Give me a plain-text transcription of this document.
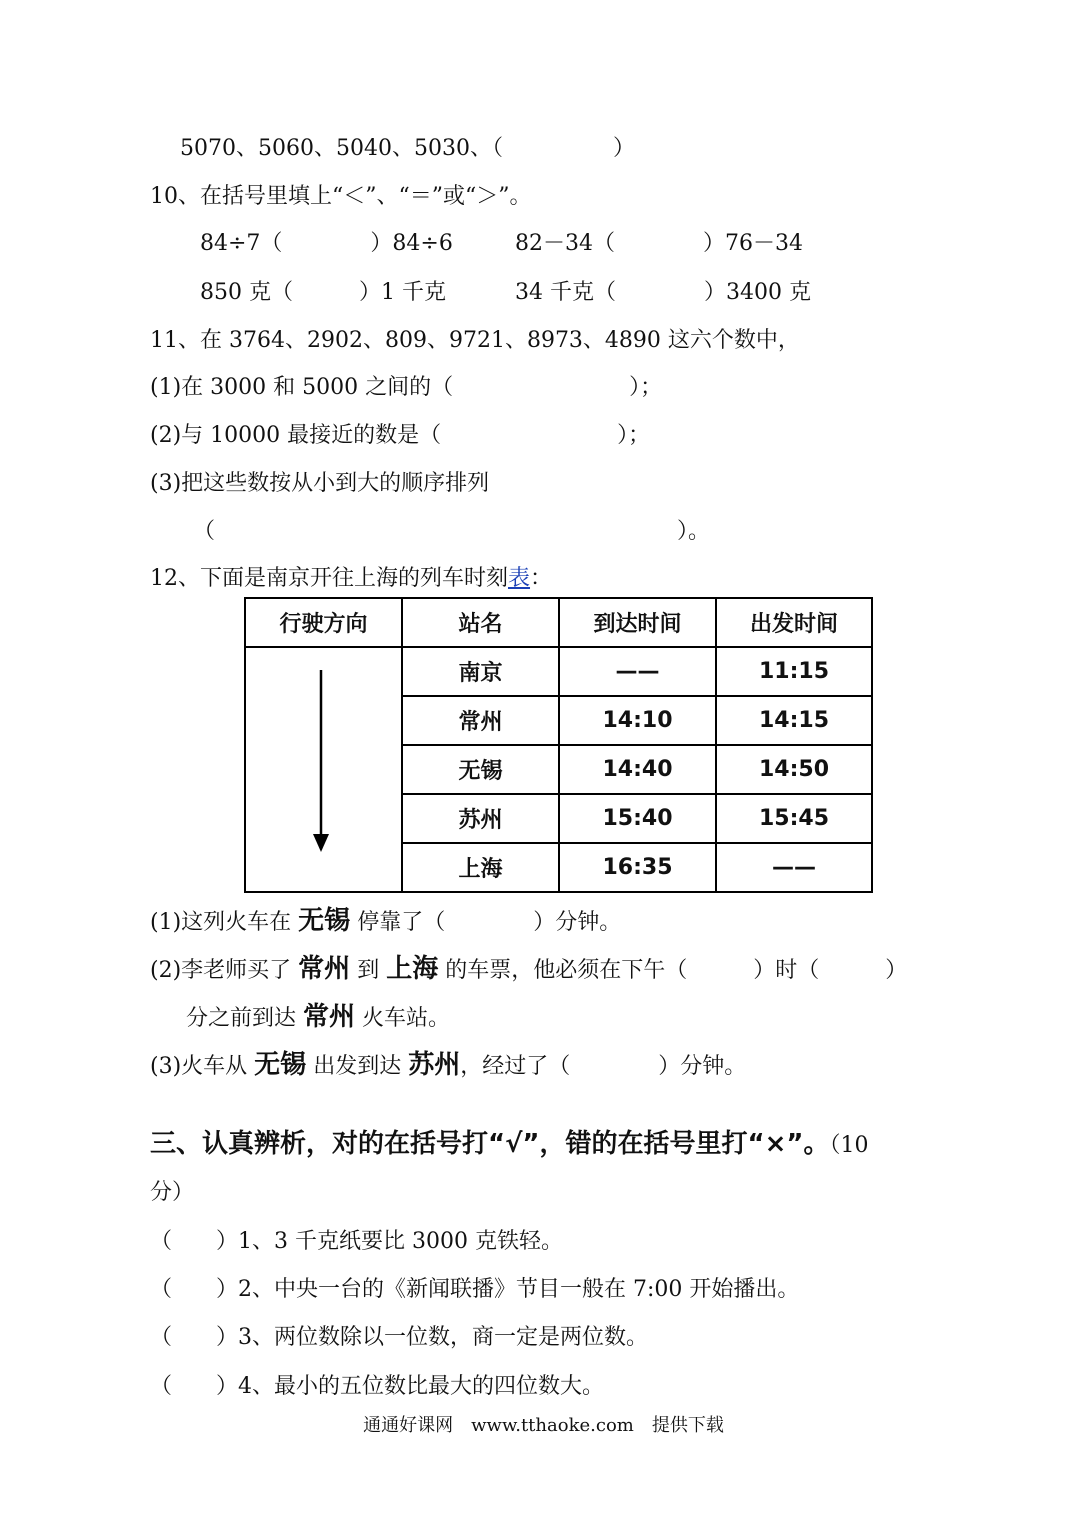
5070、5060、5040、5030、（　　　　　）
10、在括号里填上“＜”、“＝”或“＞”。
84÷7（　　　　）84÷6	82－34（　　　　）76－34
850 克（　　　）1 千克	34 千克（　　　　）3400 克
11、在 3764、2902、809、9721、8973、4890 这六个数中，
(1)在 3000 和 5000 之间的（　　　　　　　　）；
(2)与 10000 最接近的数是（　　　　　　　　）；
(3)把这些数按从小到大的顺序排列
（　　　　　　　　　　　　　　　　　　　　　）。
12、下面是南京开往上海的列车时刻表：
行驶方向	站名	到达时间	出发时间

	南京	——	11:15
	常州	14:10	14:15
	无锡	14:40	14:50
	苏州	15:40	15:45
	上海	16:35	——
(1)这列火车在 无锡 停靠了（　　　　）分钟。
(2)李老师买了 常州 到 上海 的车票，他必须在下午（　　　）时（　　　）
分之前到达 常州 火车站。
(3)火车从 无锡 出发到达 苏州，经过了（　　　　）分钟。
三、认真辨析，对的在括号打“√”，错的在括号里打“×”。（10
分）
（　　）1、3 千克纸要比 3000 克铁轻。
（　　）2、中央一台的《新闻联播》节目一般在 7:00 开始播出。
（　　）3、两位数除以一位数，商一定是两位数。
（　　）4、最小的五位数比最大的四位数大。
通通好课网　www.tthaoke.com　提供下载
